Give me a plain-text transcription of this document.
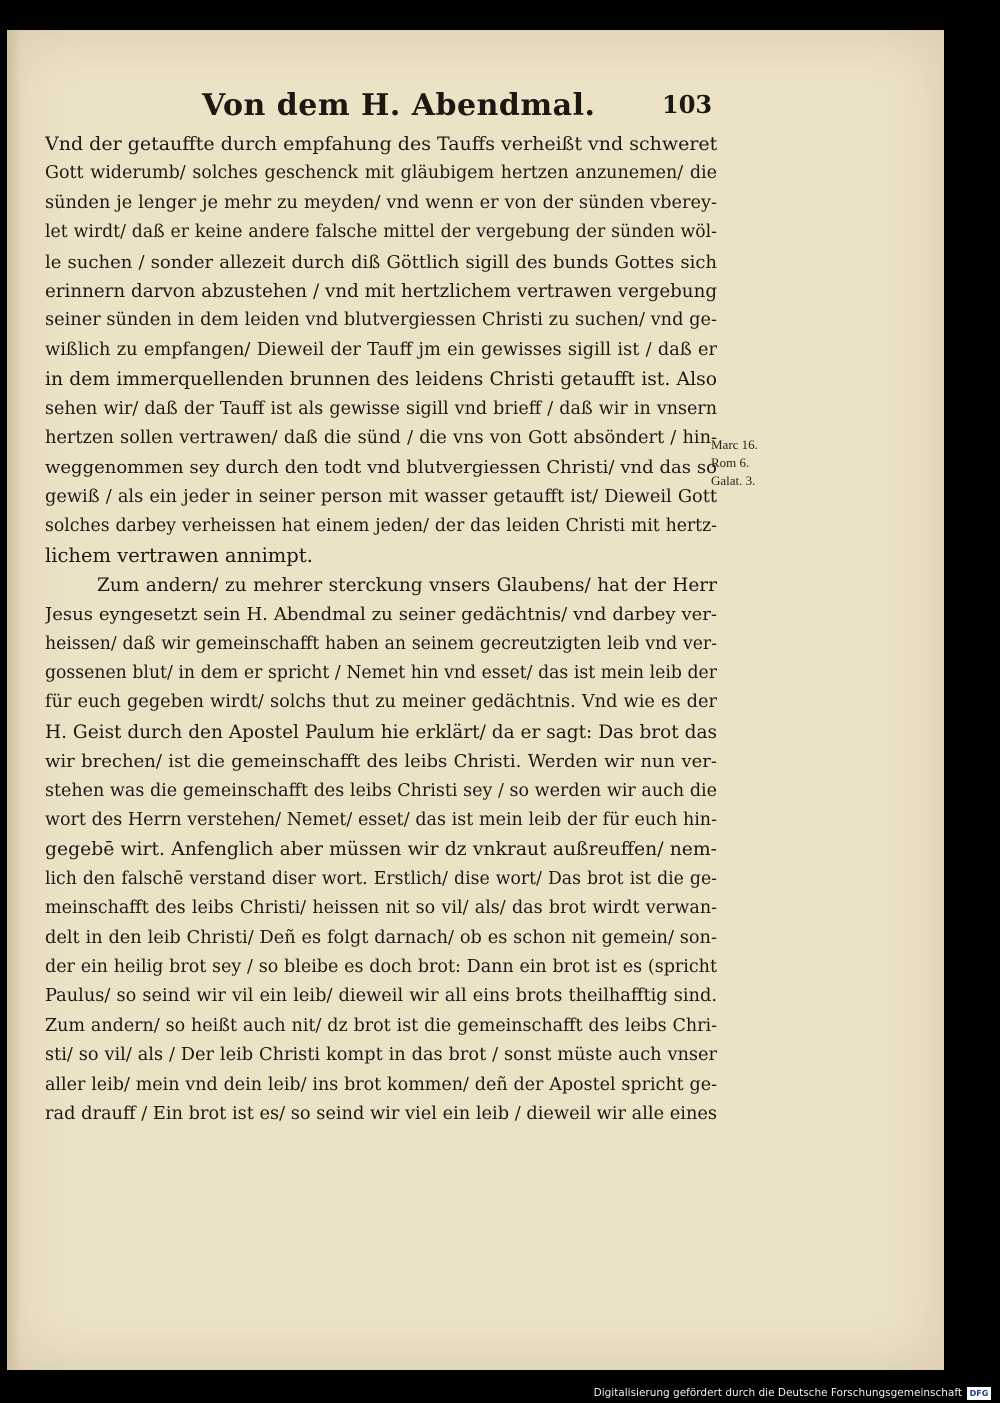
Von dem H. Abendmal.	103
Vnd der getauffte durch empfahung des Tauffs verheißt vnd schweret
Gott widerumb/ solches geschenck mit gläubigem hertzen anzunemen/ die
sünden je lenger je mehr zu meyden/ vnd wenn er von der sünden vberey-
let wirdt/ daß er keine andere falsche mittel der vergebung der sünden wöl-
le suchen / sonder allezeit durch diß Göttlich sigill des bunds Gottes sich
erinnern darvon abzustehen / vnd mit hertzlichem vertrawen vergebung
seiner sünden in dem leiden vnd blutvergiessen Christi zu suchen/ vnd ge-
wißlich zu empfangen/ Dieweil der Tauff jm ein gewisses sigill ist / daß er
in dem immerquellenden brunnen des leidens Christi getaufft ist. Also
sehen wir/ daß der Tauff ist als gewisse sigill vnd brieff / daß wir in vnsern
hertzen sollen vertrawen/ daß die sünd / die vns von Gott absöndert / hin-
weggenommen sey durch den todt vnd blutvergiessen Christi/ vnd das so
gewiß / als ein jeder in seiner person mit wasser getaufft ist/ Dieweil Gott
solches darbey verheissen hat einem jeden/ der das leiden Christi mit hertz-
lichem vertrawen annimpt.
Zum andern/ zu mehrer sterckung vnsers Glaubens/ hat der Herr
Jesus eyngesetzt sein H. Abendmal zu seiner gedächtnis/ vnd darbey ver-
heissen/ daß wir gemeinschafft haben an seinem gecreutzigten leib vnd ver-
gossenen blut/ in dem er spricht / Nemet hin vnd esset/ das ist mein leib der
für euch gegeben wirdt/ solchs thut zu meiner gedächtnis. Vnd wie es der
H. Geist durch den Apostel Paulum hie erklärt/ da er sagt: Das brot das
wir brechen/ ist die gemeinschafft des leibs Christi. Werden wir nun ver-
stehen was die gemeinschafft des leibs Christi sey / so werden wir auch die
wort des Herrn verstehen/ Nemet/ esset/ das ist mein leib der für euch hin-
gegebē wirt. Anfenglich aber müssen wir dz vnkraut außreuffen/ nem-
lich den falschē verstand diser wort. Erstlich/ dise wort/ Das brot ist die ge-
meinschafft des leibs Christi/ heissen nit so vil/ als/ das brot wirdt verwan-
delt in den leib Christi/ Deñ es folgt darnach/ ob es schon nit gemein/ son-
der ein heilig brot sey / so bleibe es doch brot: Dann ein brot ist es (spricht
Paulus/ so seind wir vil ein leib/ dieweil wir all eins brots theilhafftig sind.
Zum andern/ so heißt auch nit/ dz brot ist die gemeinschafft des leibs Chri-
sti/ so vil/ als / Der leib Christi kompt in das brot / sonst müste auch vnser
aller leib/ mein vnd dein leib/ ins brot kommen/ deñ der Apostel spricht ge-
rad drauff / Ein brot ist es/ so seind wir viel ein leib / dieweil wir alle eines
Marc 16.
Rom 6.
Galat. 3.
Digitalisierung gefördert durch die Deutsche Forschungsgemeinschaft DFG
